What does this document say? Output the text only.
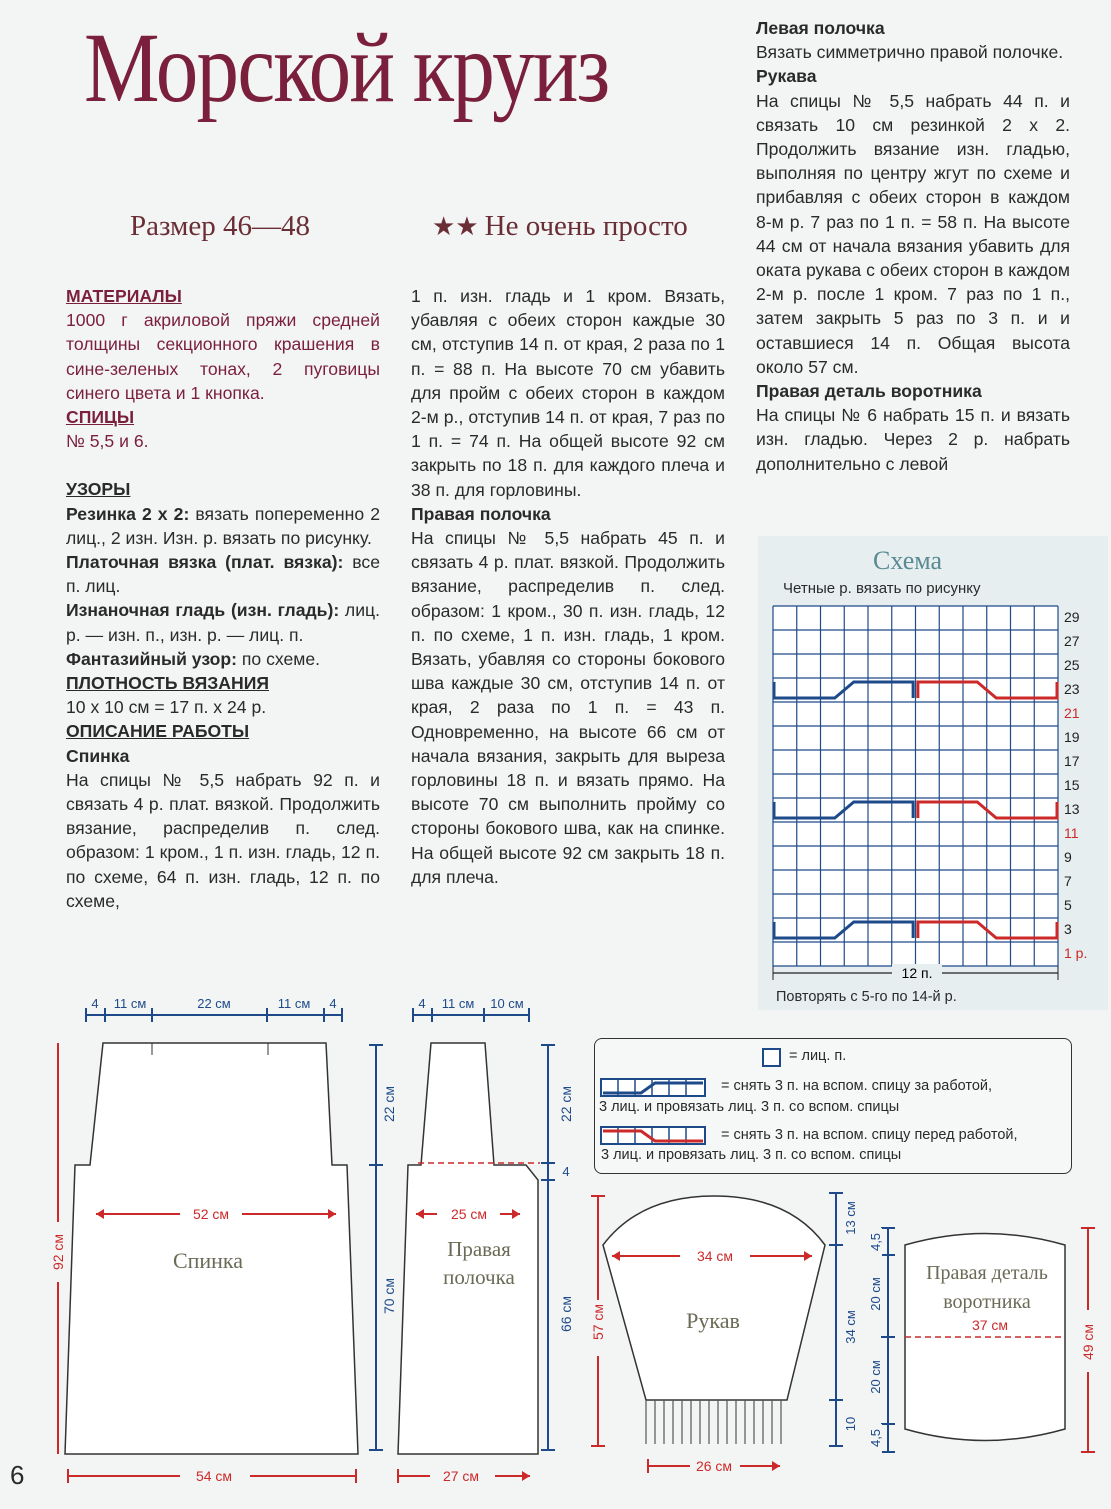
Морской круиз
Размер 46—48	★★ Не очень просто

МАТЕРИАЛЫ

1000 г акриловой пряжи средней толщины секционного крашения в сине-зеленых тонах, 2 пуговицы синего цвета и 1 кнопка.

СПИЦЫ

№ 5,5 и 6.

УЗОРЫ

Резинка 2 х 2: вязать попеременно 2 лиц., 2 изн. Изн. р. вязать по рисунку.

Платочная вязка (плат. вязка): все п. лиц.

Изнаночная гладь (изн. гладь): лиц. р. — изн. п., изн. р. — лиц. п.

Фантазийный узор: по схеме.

ПЛОТНОСТЬ ВЯЗАНИЯ

10 х 10 см = 17 п. х 24 р.

ОПИСАНИЕ РАБОТЫ

Спинка

На спицы № 5,5 набрать 92 п. и связать 4 р. плат. вязкой. Продолжить вязание, распределив п. след. образом: 1 кром., 1 п. изн. гладь, 12 п. по схеме, 64 п. изн. гладь, 12 п. по схеме,

1 п. изн. гладь и 1 кром. Вязать, убавляя с обеих сторон каждые 30 см, отступив 14 п. от края, 2 раза по 1 п. = 88 п. На высоте 70 см убавить для пройм с обеих сторон в каждом 2-м р., отступив 14 п. от края, 7 раз по 1 п. = 74 п. На общей высоте 92 см закрыть по 18 п. для каждого плеча и 38 п. для горловины.

Правая полочка

На спицы № 5,5 набрать 45 п. и связать 4 р. плат. вязкой. Продолжить вязание, распределив п. след. образом: 1 кром., 30 п. изн. гладь, 12 п. по схеме, 1 п. изн. гладь, 1 кром. Вязать, убавляя со стороны бокового шва каждые 30 см, отступив 14 п. от края, 2 раза по 1 п. = 43 п. Одновременно, на высоте 66 см от начала вязания, закрыть для выреза горловины 18 п. и вязать прямо. На высоте 70 см выполнить пройму со стороны бокового шва, как на спинке. На общей высоте 92 см закрыть 18 п. для плеча.

Левая полочка

Вязать симметрично правой полочке.

Рукава

На спицы № 5,5 набрать 44 п. и связать 10 см резинкой 2 х 2. Продолжить вязание изн. гладью, выполняя по центру жгут по схеме и прибавляя с обеих сторон в каждом 8-м р. 7 раз по 1 п. = 58 п. На высоте 44 см от начала вязания убавить для оката рукава с обеих сторон в каждом 2-м р. после 1 кром. 7 раз по 1 п., затем закрыть 5 раз по 3 п. и и оставшиеся 14 п. Общая высота около 57 см.

Правая деталь воротника

На спицы № 6 набрать 15 п. и вязать изн. гладью. Через 2 р. набрать дополнительно с левой

Схема
Четные р. вязать по рисунку
29
27
25
23
21
19
17
15
13
11
9
7
5
3
1 р.
12 п.
Повторять с 5-го по 14-й р.
= лиц. п.
= снять 3 п. на вспом. спицу за работой,
3 лиц. и провязать лиц. 3 п. со вспом. спицы
= снять 3 п. на вспом. спицу перед работой,
3 лиц. и провязать лиц. 3 п. со вспом. спицы
4 11 см	22 см	11 см 4
52 см
Спинка
54 см
92 см
22 см
70 см
4 11 см 10 см
25 см
Правая
полочка
27 см
22 см
4
66 см
34 см
Рукав
26 см
57 см
13 см
34 см
10
Правая деталь
воротника
37 см
4,5
20 см
20 см
4,5
49 см
6
